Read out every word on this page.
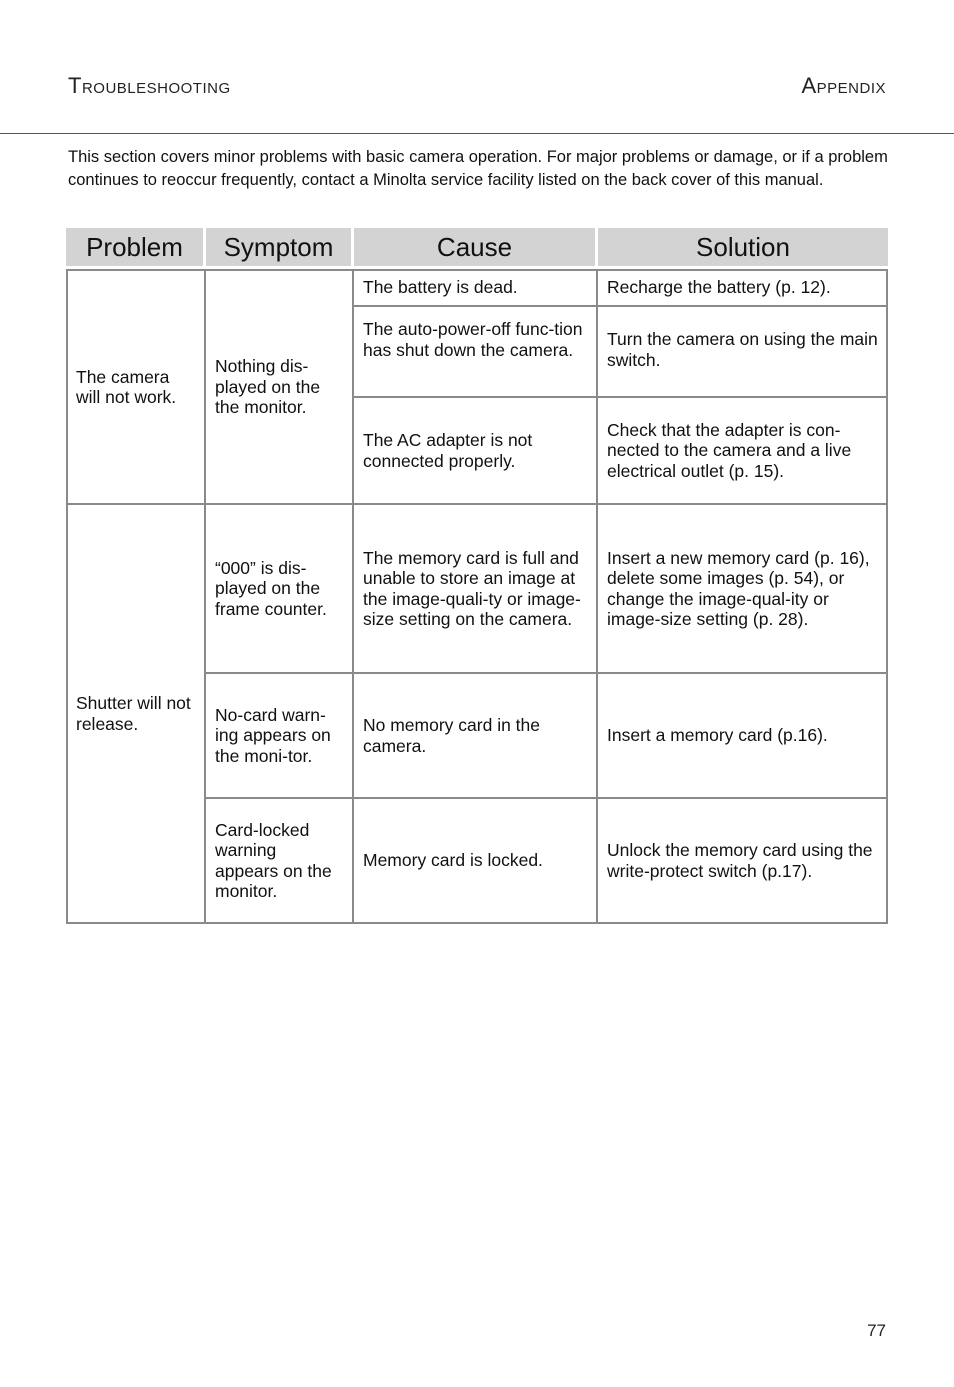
Troubleshooting	Appendix

This section covers minor problems with basic camera operation. For major problems or damage, or if a problem continues to reoccur frequently, contact a Minolta service facility listed on the back cover of this manual.

Problem	Symptom	Cause	Solution
The camera will not work.	Nothing dis-played on the the monitor.	The battery is dead.	Recharge the battery (p. 12).
		The auto-power-off func-tion has shut down the camera.	Turn the camera on using the main switch.
		The AC adapter is not connected properly.	Check that the adapter is con-nected to the camera and a live electrical outlet (p. 15).
Shutter will not release.	“000” is dis-played on the frame counter.	The memory card is full and unable to store an image at the image-quali-ty or image-size setting on the camera.	Insert a new memory card (p. 16), delete some images (p. 54), or change the image-qual-ity or image-size setting (p. 28).
	No-card warn-ing appears on the moni-tor.	No memory card in the camera.	Insert a memory card (p.16).
	Card-locked warning appears on the monitor.	Memory card is locked.	Unlock the memory card using the write-protect switch (p.17).
77
